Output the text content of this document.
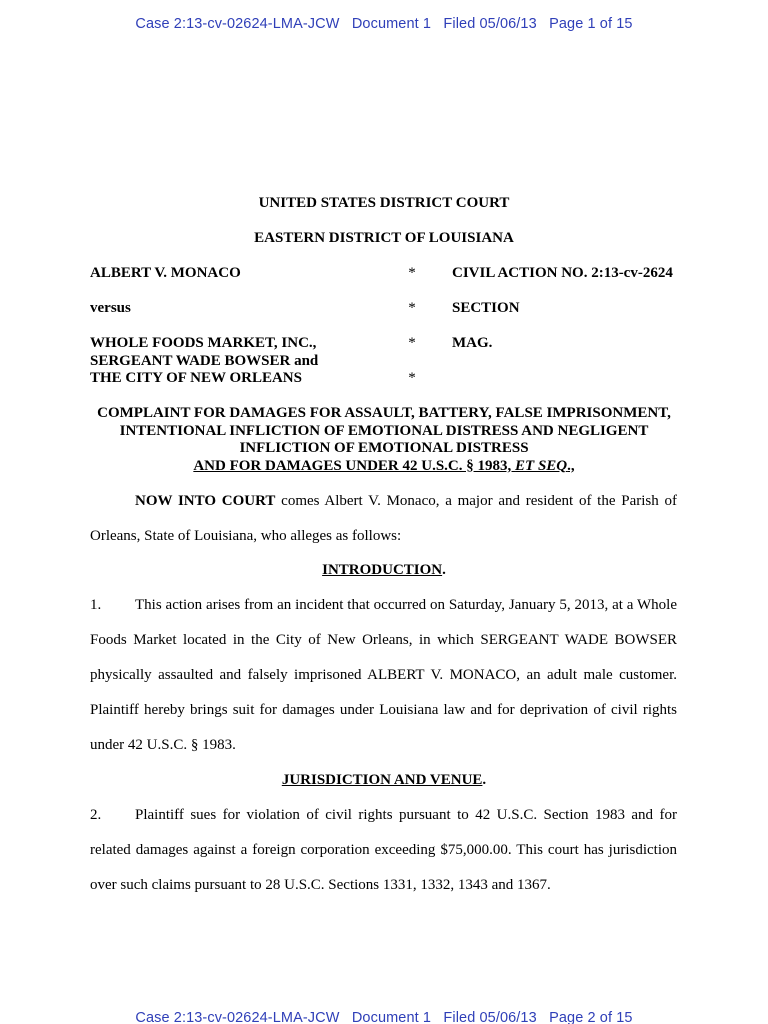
Case 2:13-cv-02624-LMA-JCW   Document 1   Filed 05/06/13   Page 1 of 15
UNITED STATES DISTRICT COURT
EASTERN DISTRICT OF LOUISIANA
ALBERT V. MONACO	* CIVIL ACTION NO. 2:13-cv-2624
versus	* SECTION
WHOLE FOODS MARKET, INC.,
SERGEANT WADE BOWSER and
THE CITY OF NEW ORLEANS
* MAG.
*
COMPLAINT FOR DAMAGES FOR ASSAULT, BATTERY, FALSE IMPRISONMENT,
INTENTIONAL INFLICTION OF EMOTIONAL DISTRESS AND NEGLIGENT
INFLICTION OF EMOTIONAL DISTRESS
AND FOR DAMAGES UNDER 42 U.S.C. § 1983, ET SEQ.,
NOW INTO COURT comes Albert V. Monaco, a major and resident of the Parish of Orleans, State of Louisiana, who alleges as follows:
INTRODUCTION.
1. This action arises from an incident that occurred on Saturday, January 5, 2013, at a Whole Foods Market located in the City of New Orleans, in which SERGEANT WADE BOWSER physically assaulted and falsely imprisoned ALBERT V. MONACO, an adult male customer. Plaintiff hereby brings suit for damages under Louisiana law and for deprivation of civil rights under 42 U.S.C. § 1983.
JURISDICTION AND VENUE.
2. Plaintiff sues for violation of civil rights pursuant to 42 U.S.C. Section 1983 and for related damages against a foreign corporation exceeding $75,000.00. This court has jurisdiction over such claims pursuant to 28 U.S.C. Sections 1331, 1332, 1343 and 1367.
Case 2:13-cv-02624-LMA-JCW   Document 1   Filed 05/06/13   Page 2 of 15
